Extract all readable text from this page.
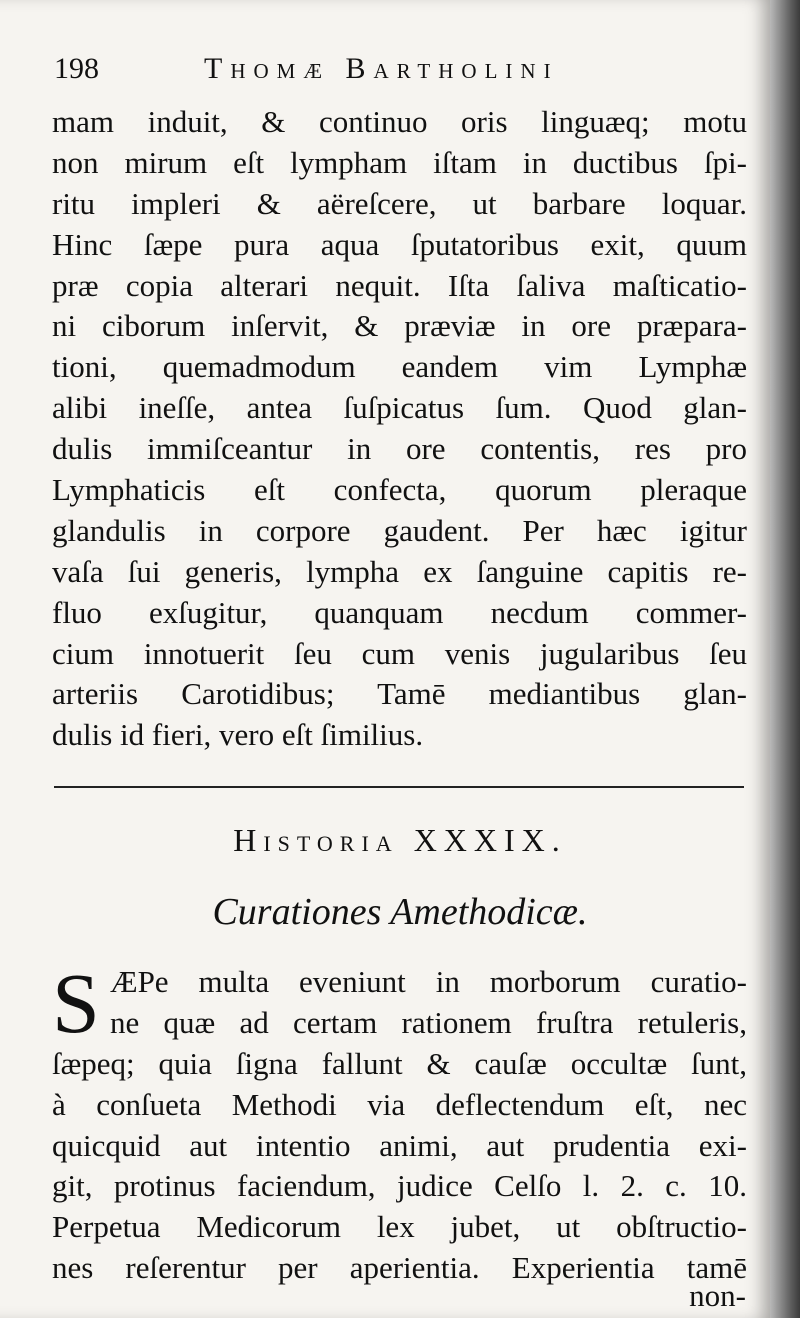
198	Thomæ Bartholini
mam induit, & continuo oris linguæq; motu
non mirum eſt lympham iſtam in ductibus ſpi-
ritu impleri & aëreſcere, ut barbare loquar.
Hinc ſæpe pura aqua ſputatoribus exit, quum
præ copia alterari nequit. Iſta ſaliva maſticatio-
ni ciborum inſervit, & præviæ in ore præpara-
tioni, quemadmodum eandem vim Lymphæ
alibi ineſſe, antea ſuſpicatus ſum. Quod glan-
dulis immiſceantur in ore contentis, res pro
Lymphaticis eſt confecta, quorum pleraque
glandulis in corpore gaudent. Per hæc igitur
vaſa ſui generis, lympha ex ſanguine capitis re-
fluo exſugitur, quanquam necdum commer-
cium innotuerit ſeu cum venis jugularibus ſeu
arteriis Carotidibus; Tamē mediantibus glan-
dulis id fieri, vero eſt ſimilius.
Historia XXXIX.
Curationes Amethodicæ.
S ÆPe multa eveniunt in morborum curatio-
ne quæ ad certam rationem fruſtra retuleris,
ſæpeq; quia ſigna fallunt & cauſæ occultæ ſunt,
à conſueta Methodi via deflectendum eſt, nec
quicquid aut intentio animi, aut prudentia exi-
git, protinus faciendum, judice Celſo l. 2. c. 10.
Perpetua Medicorum lex jubet, ut obſtructio-
nes reſerentur per aperientia. Experientia tamē
non-
